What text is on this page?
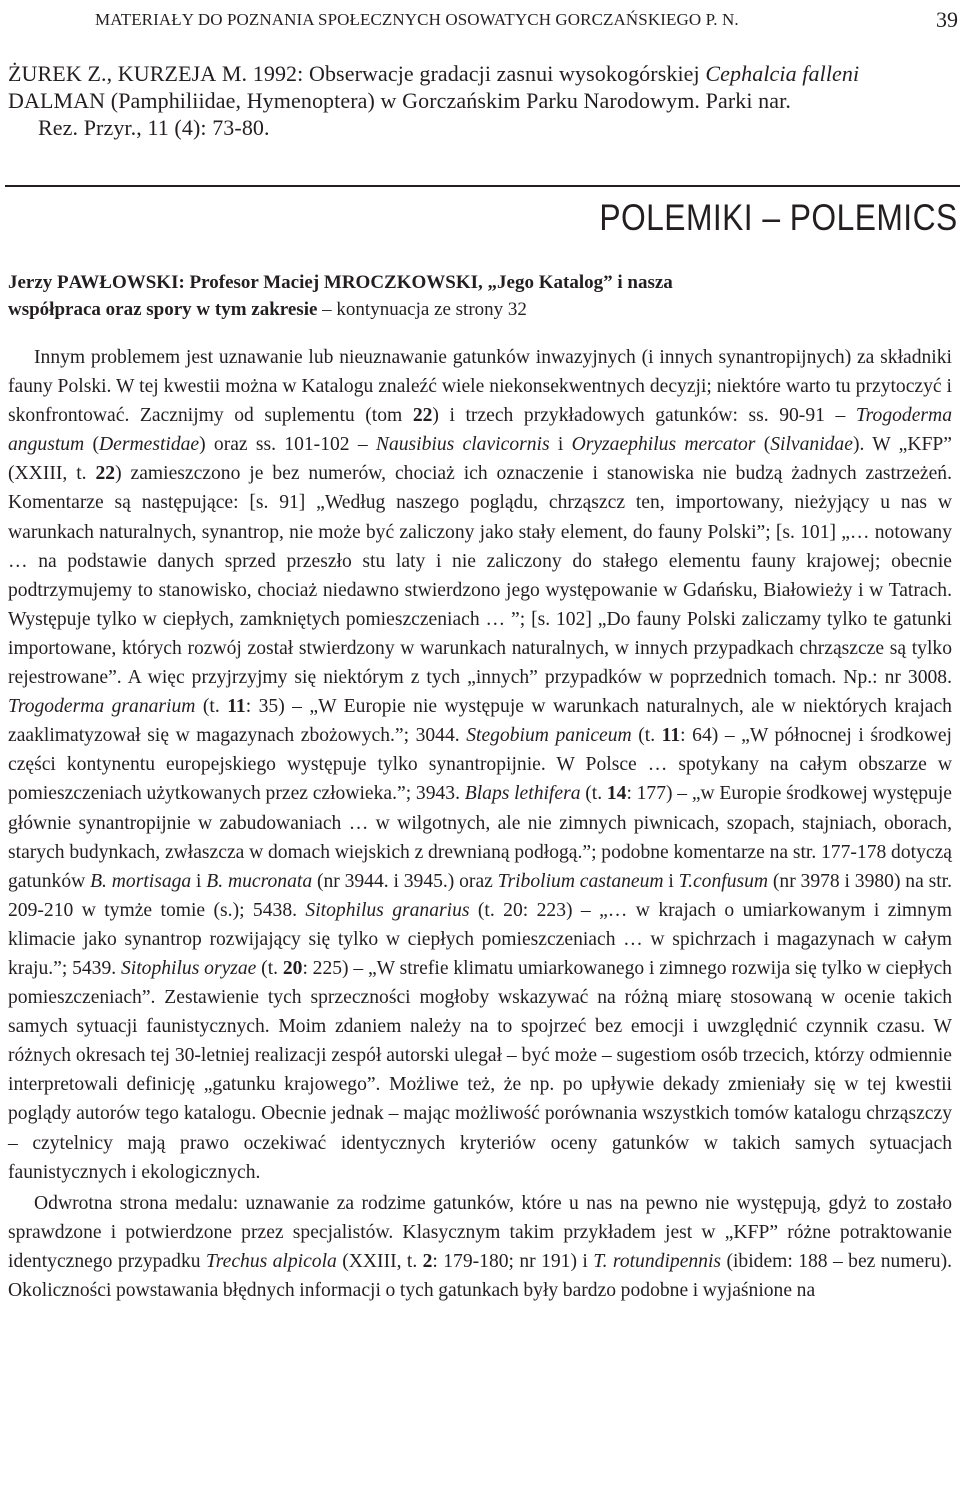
MATERIAŁY DO POZNANIA SPOŁECZNYCH OSOWATYCH GORCZAŃSKIEGO P. N.	39
ŻUREK Z., KURZEJA M. 1992: Obserwacje gradacji zasnui wysokogórskiej Cephalcia falleni DALMAN (Pamphiliidae, Hymenoptera) w Gorczańskim Parku Narodowym. Parki nar.
Rez. Przyr., 11 (4): 73-80.
POLEMIKI – POLEMICS
Jerzy PAWŁOWSKI: Profesor Maciej MROCZKOWSKI, „Jego Katalog” i nasza
współpraca oraz spory w tym zakresie – kontynuacja ze strony 32

Innym problemem jest uznawanie lub nieuznawanie gatunków inwazyjnych (i innych synantropijnych) za składniki fauny Polski. W tej kwestii można w Katalogu znaleźć wiele niekonsekwentnych decyzji; niektóre warto tu przytoczyć i skonfrontować. Zacznijmy od suplementu (tom 22) i trzech przykładowych gatunków: ss. 90-91 – Trogoderma angustum (Dermestidae) oraz ss. 101-102 – Nausibius clavicornis i Oryzaephilus mercator (Silvanidae). W „KFP” (XXIII, t. 22) zamieszczono je bez numerów, chociaż ich oznaczenie i stanowiska nie budzą żadnych zastrzeżeń. Komentarze są następujące: [s. 91] „Według naszego poglądu, chrząszcz ten, importowany, nieżyjący u nas w warunkach naturalnych, synantrop, nie może być zaliczony jako stały element, do fauny Polski”; [s. 101] „… notowany … na podstawie danych sprzed przeszło stu laty i nie zaliczony do stałego elementu fauny krajowej; obecnie podtrzymujemy to stanowisko, chociaż niedawno stwierdzono jego występowanie w Gdańsku, Białowieży i w Tatrach. Występuje tylko w ciepłych, zamkniętych pomieszczeniach … ”; [s. 102] „Do fauny Polski zaliczamy tylko te gatunki importowane, których rozwój został stwierdzony w warunkach naturalnych, w innych przypadkach chrząszcze są tylko rejestrowane”. A więc przyjrzyjmy się niektórym z tych „innych” przypadków w poprzednich tomach. Np.: nr 3008. Trogoderma granarium (t. 11: 35) – „W Europie nie występuje w warunkach naturalnych, ale w niektórych krajach zaaklimatyzował się w magazynach zbożowych.”; 3044. Stegobium paniceum (t. 11: 64) – „W północnej i środkowej części kontynentu europejskiego występuje tylko synantropijnie. W Polsce … spotykany na całym obszarze w pomieszczeniach użytkowanych przez człowieka.”; 3943. Blaps lethifera (t. 14: 177) – „w Europie środkowej występuje głównie synantropijnie w zabudowaniach … w wilgotnych, ale nie zimnych piwnicach, szopach, stajniach, oborach, starych budynkach, zwłaszcza w domach wiejskich z drewnianą podłogą.”; podobne komentarze na str. 177-178 dotyczą gatunków B. mortisaga i B. mucronata (nr 3944. i 3945.) oraz Tribolium castaneum i T.confusum (nr 3978 i 3980) na str. 209-210 w tymże tomie (s.); 5438. Sitophilus granarius (t. 20: 223) – „… w krajach o umiarkowanym i zimnym klimacie jako synantrop rozwijający się tylko w ciepłych pomieszczeniach … w spichrzach i magazynach w całym kraju.”; 5439. Sitophilus oryzae (t. 20: 225) – „W strefie klimatu umiarkowanego i zimnego rozwija się tylko w ciepłych pomieszczeniach”. Zestawienie tych sprzeczności mogłoby wskazywać na różną miarę stosowaną w ocenie takich samych sytuacji faunistycznych. Moim zdaniem należy na to spojrzeć bez emocji i uwzględnić czynnik czasu. W różnych okresach tej 30-letniej realizacji zespół autorski ulegał – być może – sugestiom osób trzecich, którzy odmiennie interpretowali definicję „gatunku krajowego”. Możliwe też, że np. po upływie dekady zmieniały się w tej kwestii poglądy autorów tego katalogu. Obecnie jednak – mając możliwość porównania wszystkich tomów katalogu chrząszczy – czytelnicy mają prawo oczekiwać identycznych kryteriów oceny gatunków w takich samych sytuacjach faunistycznych i ekologicznych.

Odwrotna strona medalu: uznawanie za rodzime gatunków, które u nas na pewno nie występują, gdyż to zostało sprawdzone i potwierdzone przez specjalistów. Klasycznym takim przykładem jest w „KFP” różne potraktowanie identycznego przypadku Trechus alpicola (XXIII, t. 2: 179-180; nr 191) i T. rotundipennis (ibidem: 188 – bez numeru). Okoliczności powstawania błędnych informacji o tych gatunkach były bardzo podobne i wyjaśnione na
